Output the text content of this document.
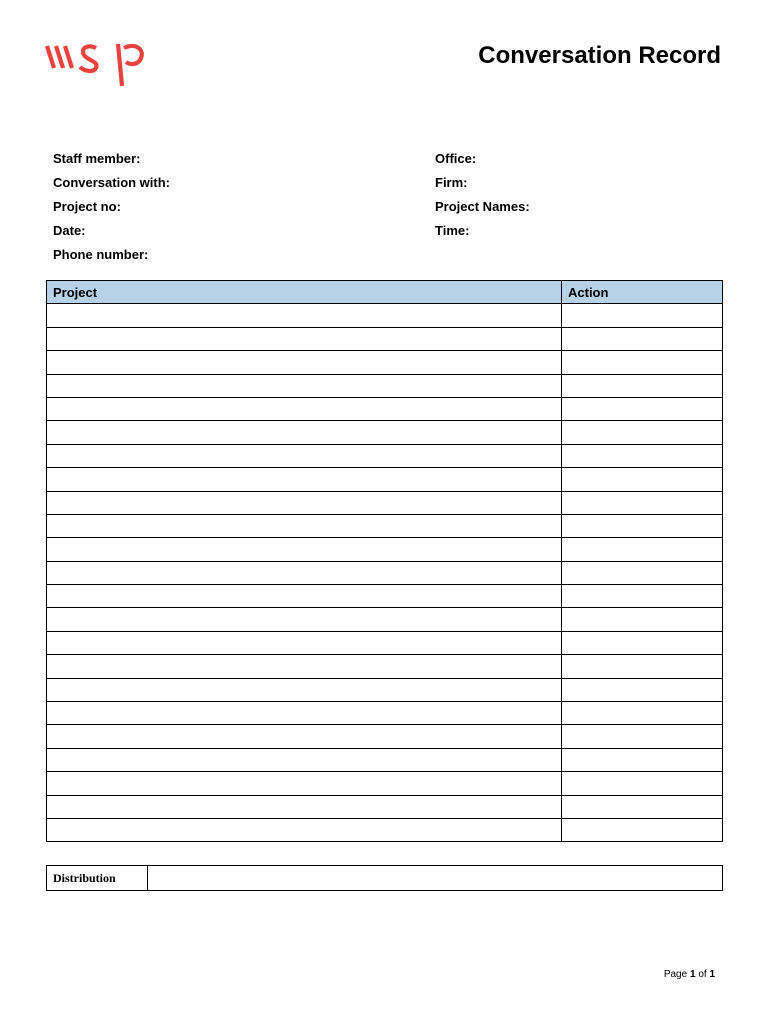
Conversation Record
Staff member:
Conversation with:
Project no:
Date:
Phone number:
Office:
Firm:
Project Names:
Time:
Project	Action

Distribution	
Page 1 of 1
